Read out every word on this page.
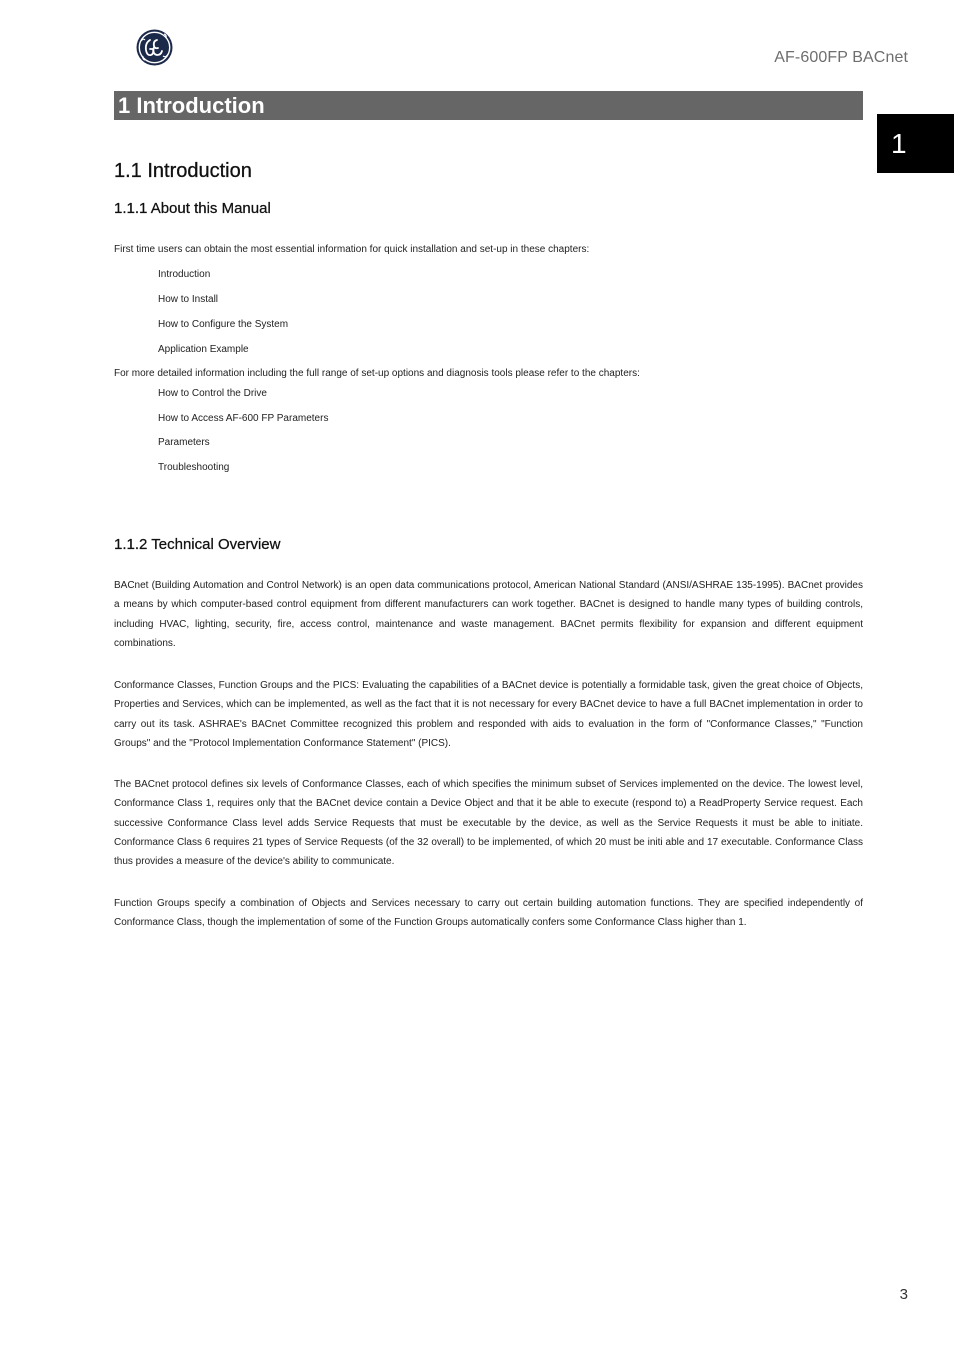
AF-600FP BACnet
1 Introduction
1
1.1 Introduction
1.1.1 About this Manual
First time users can obtain the most essential information for quick installation and set-up in these chapters:
Introduction
How to Install
How to Configure the System
Application Example
For more detailed information including the full range of set-up options and diagnosis tools please refer to the chapters:
How to Control the Drive
How to Access AF-600 FP Parameters
Parameters
Troubleshooting
1.1.2 Technical Overview

BACnet (Building Automation and Control Network) is an open data communications protocol, American National Standard (ANSI/ASHRAE 135-1995). BACnet provides a means by which computer-based control equipment from different manufacturers can work together. BACnet is designed to handle many types of building controls, including HVAC, lighting, security, fire, access control, maintenance and waste management. BACnet permits flexibility for expansion and different equipment combinations.

Conformance Classes, Function Groups and the PICS: Evaluating the capabilities of a BACnet device is potentially a formidable task, given the great choice of Objects, Properties and Services, which can be implemented, as well as the fact that it is not necessary for every BACnet device to have a full BACnet implementation in order to carry out its task. ASHRAE's BACnet Committee recognized this problem and responded with aids to evaluation in the form of "Conformance Classes," "Function Groups" and the "Protocol Implementation Conformance Statement" (PICS).

The BACnet protocol defines six levels of Conformance Classes, each of which specifies the minimum subset of Services implemented on the device. The lowest level, Conformance Class 1, requires only that the BACnet device contain a Device Object and that it be able to execute (respond to) a ReadProperty Service request. Each successive Conformance Class level adds Service Requests that must be executable by the device, as well as the Service Requests it must be able to initiate. Conformance Class 6 requires 21 types of Service Requests (of the 32 overall) to be implemented, of which 20 must be initi able and 17 executable. Conformance Class thus provides a measure of the device's ability to communicate.

Function Groups specify a combination of Objects and Services necessary to carry out certain building automation functions. They are specified independently of Conformance Class, though the implementation of some of the Function Groups automatically confers some Conformance Class higher than 1.

3
